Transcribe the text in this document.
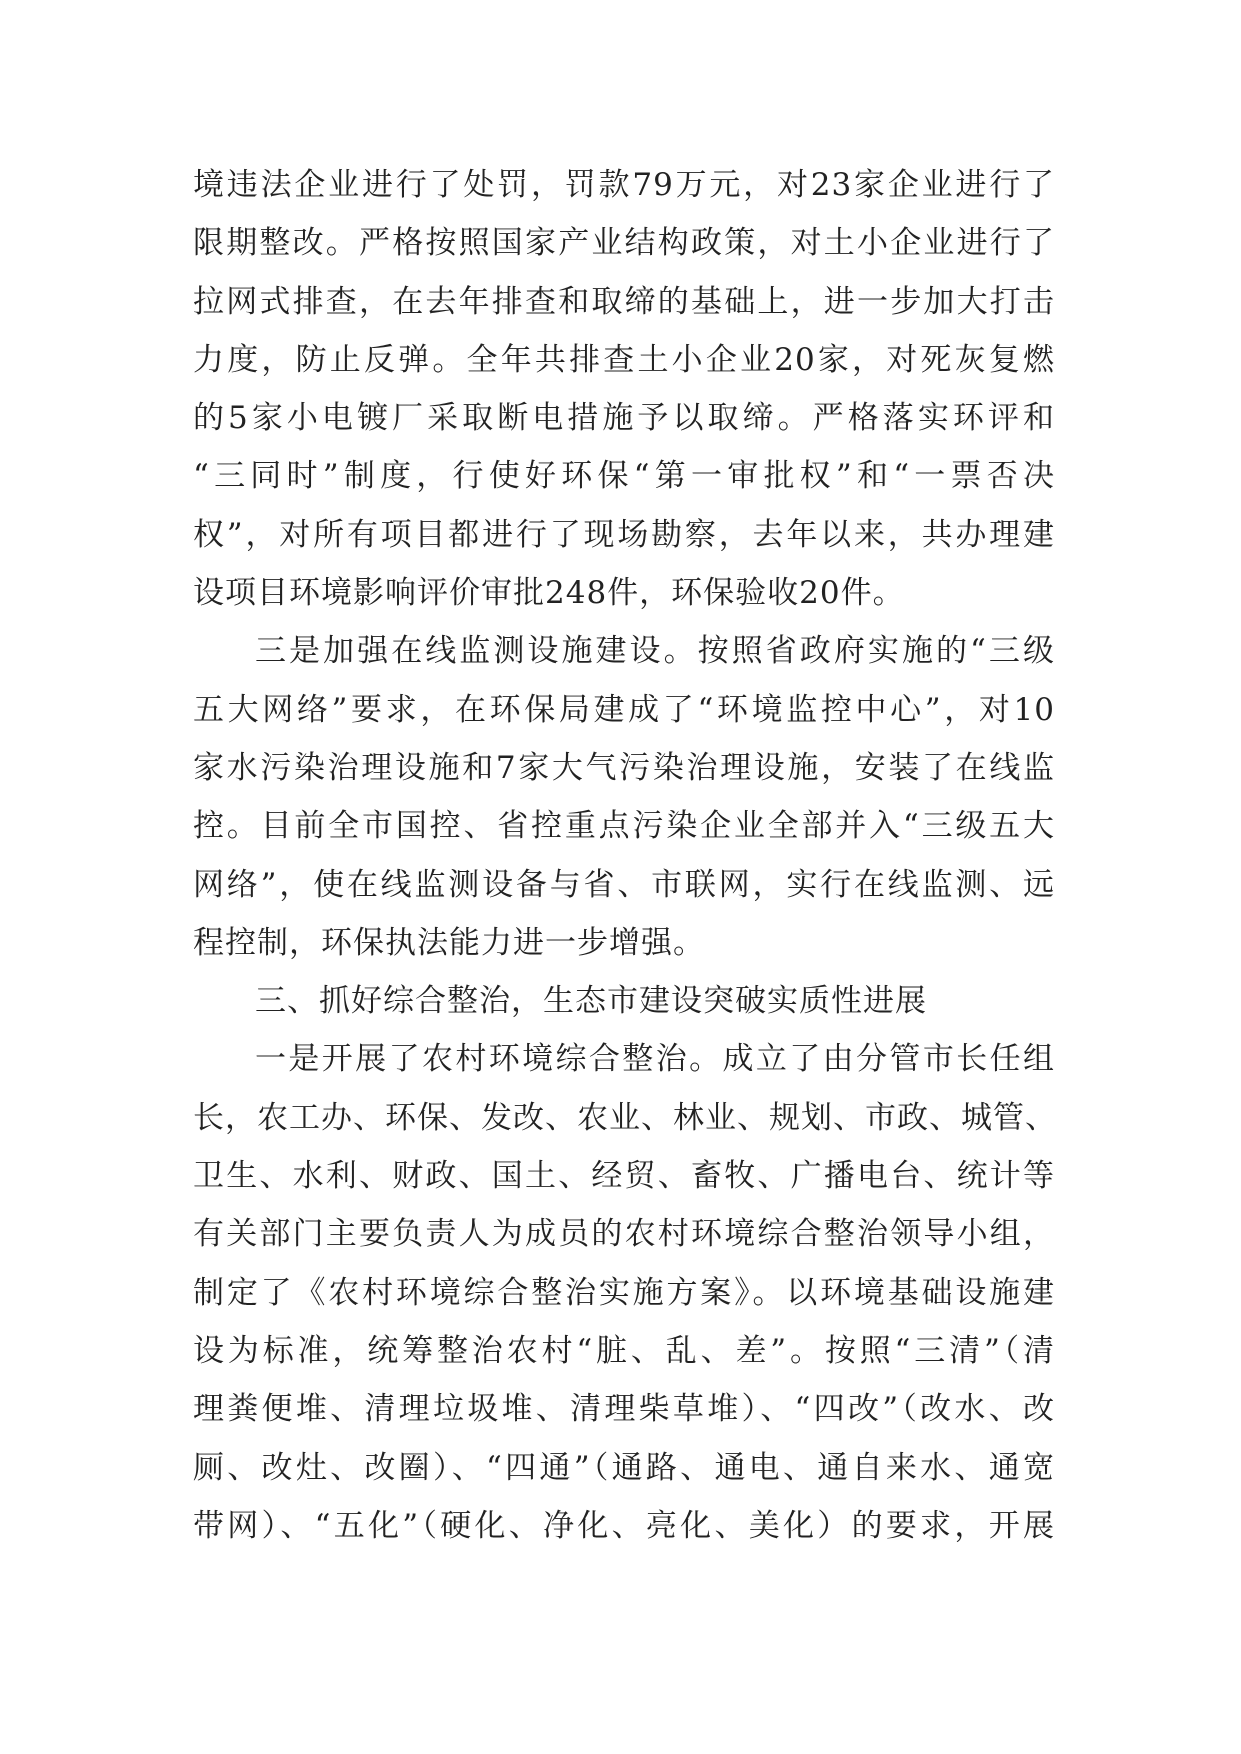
境违法企业进行了处罚，罚款79万元，对23家企业进行了
限期整改。严格按照国家产业结构政策，对土小企业进行了
拉网式排查，在去年排查和取缔的基础上，进一步加大打击
力度，防止反弹。全年共排查土小企业20家，对死灰复燃
的5家小电镀厂采取断电措施予以取缔。严格落实环评和
“三同时”制度，行使好环保“第一审批权”和“一票否决
权”，对所有项目都进行了现场勘察，去年以来，共办理建
设项目环境影响评价审批248件，环保验收20件。
三是加强在线监测设施建设。按照省政府实施的“三级
五大网络”要求，在环保局建成了“环境监控中心”，对10
家水污染治理设施和7家大气污染治理设施，安装了在线监
控。目前全市国控、省控重点污染企业全部并入“三级五大
网络”，使在线监测设备与省、市联网，实行在线监测、远
程控制，环保执法能力进一步增强。
三、抓好综合整治，生态市建设突破实质性进展
一是开展了农村环境综合整治。成立了由分管市长任组
长，农工办、环保、发改、农业、林业、规划、市政、城管、
卫生、水利、财政、国土、经贸、畜牧、广播电台、统计等
有关部门主要负责人为成员的农村环境综合整治领导小组，
制定了《农村环境综合整治实施方案》。以环境基础设施建
设为标准，统筹整治农村“脏、乱、差”。按照“三清”（清
理粪便堆、清理垃圾堆、清理柴草堆）、“四改”（改水、改
厕、改灶、改圈）、“四通”（通路、通电、通自来水、通宽
带网）、“五化”（硬化、净化、亮化、美化）的要求，开展
